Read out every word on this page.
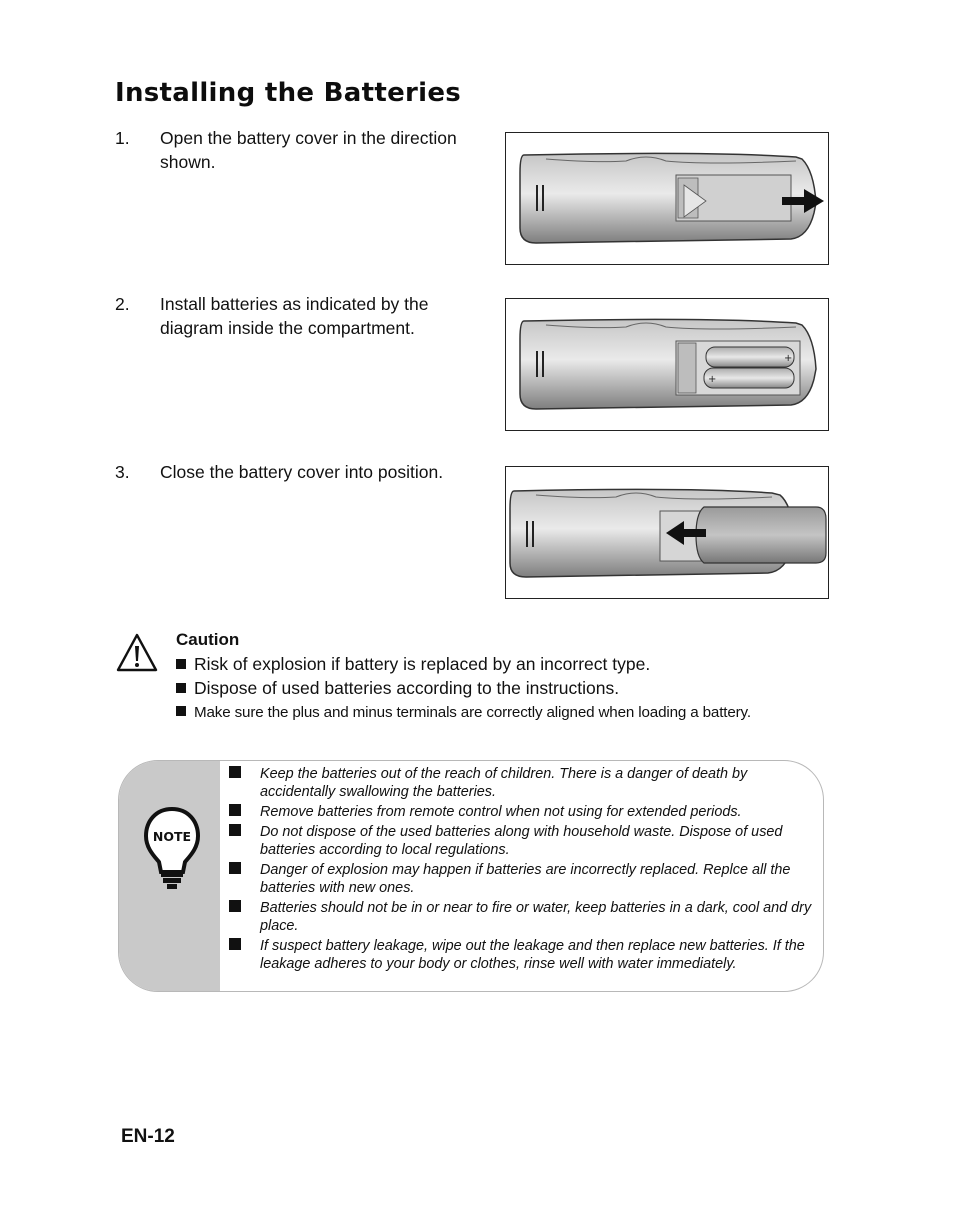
Installing the Batteries
1.	Open the battery cover in the direction shown.
2.	Install batteries as indicated by the diagram inside the compartment.
+
+
3.	Close the battery cover into position.
Caution
Risk of explosion if battery is replaced by an incorrect type.
Dispose of used batteries according to the instructions.
Make sure the plus and minus terminals are correctly aligned when loading a battery.
NOTE
Keep the batteries out of the reach of children. There is a danger of death by accidentally swallowing the batteries.
Remove batteries from remote control when not using for extended periods.
Do not dispose of the used batteries along with household waste. Dispose of used batteries according to local regulations.
Danger of explosion may happen if batteries are incorrectly replaced. Replce all the batteries with new ones.
Batteries should not be in or near to fire or water, keep batteries in a dark, cool and dry place.
If suspect battery leakage, wipe out the leakage and then replace new batteries. If the leakage adheres to your body or clothes, rinse well with water immediately.
EN-12
